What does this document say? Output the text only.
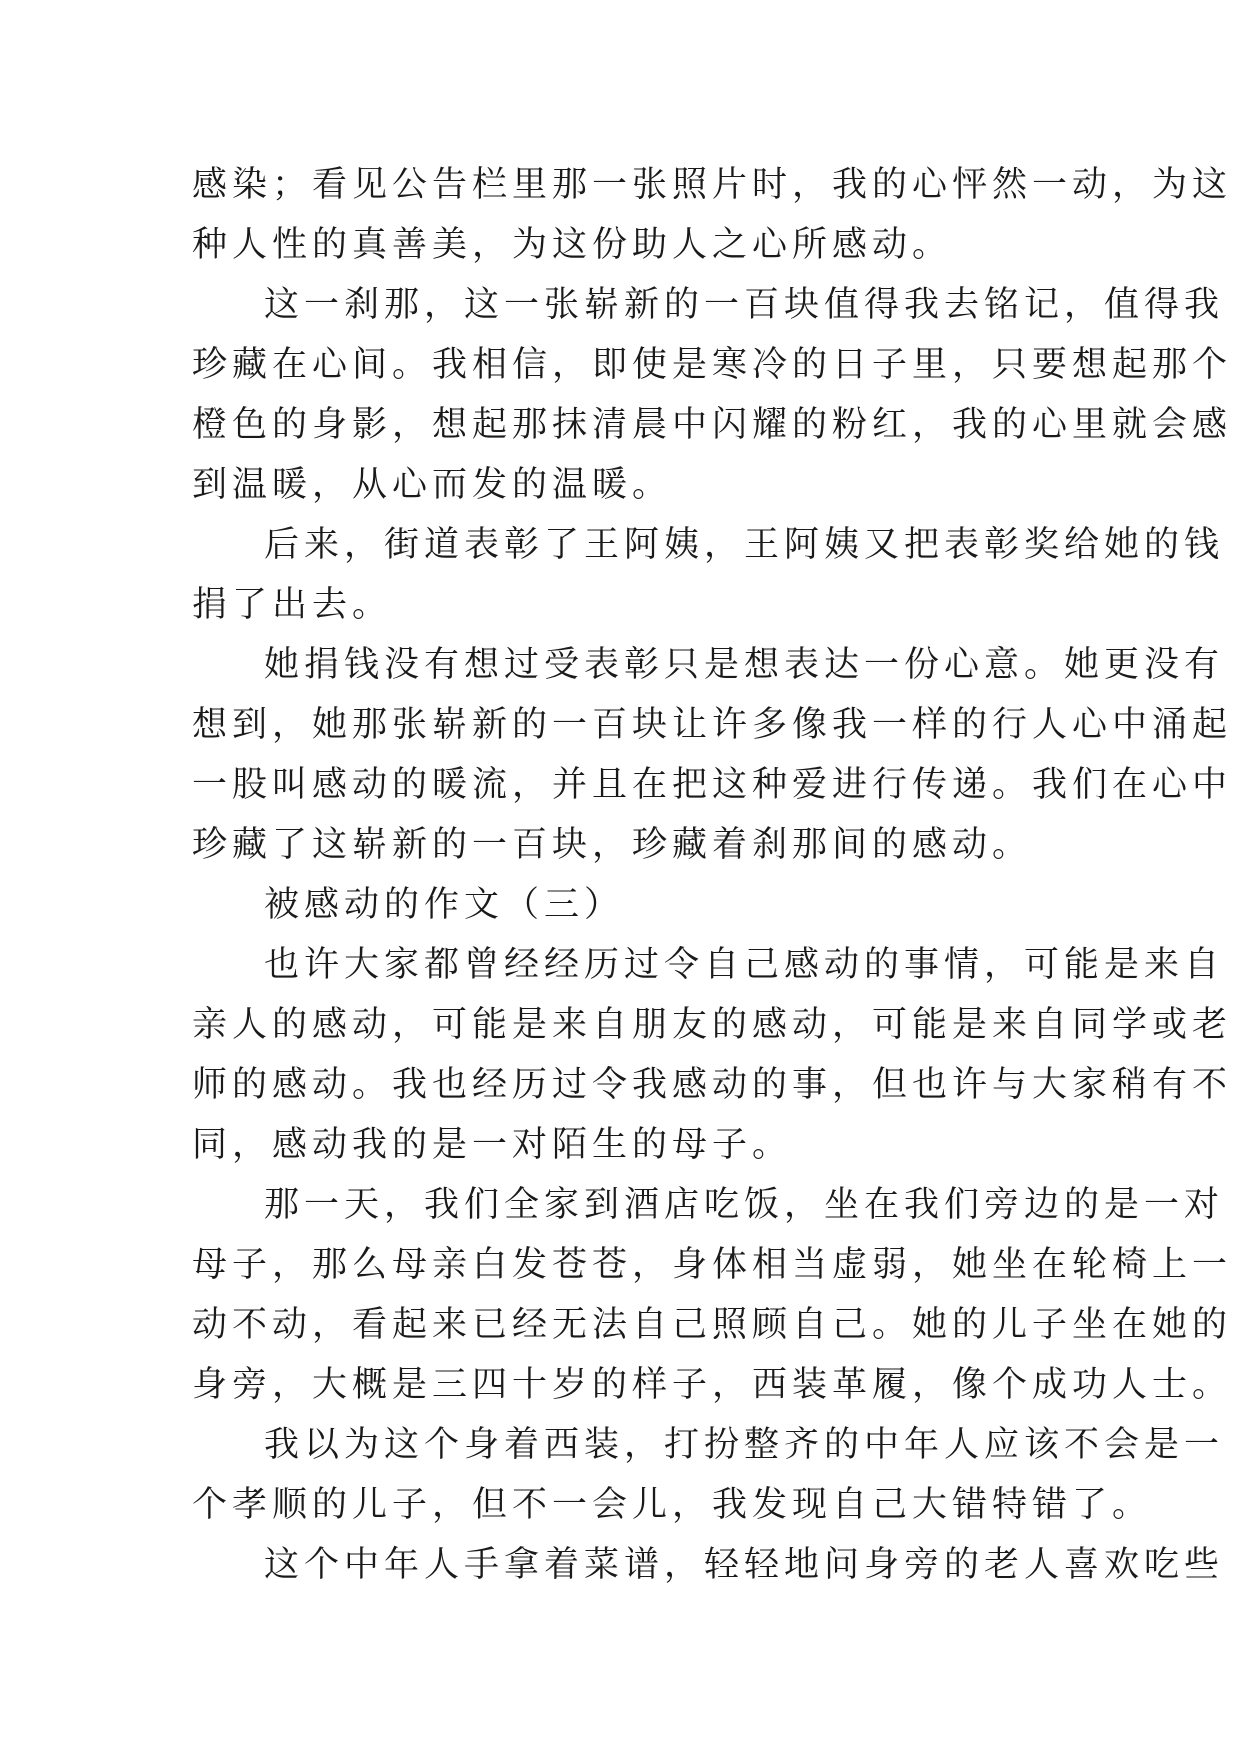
感染；看见公告栏里那一张照片时，我的心怦然一动，为这
种人性的真善美，为这份助人之心所感动。
这一刹那，这一张崭新的一百块值得我去铭记，值得我
珍藏在心间。我相信，即使是寒冷的日子里，只要想起那个
橙色的身影，想起那抹清晨中闪耀的粉红，我的心里就会感
到温暖，从心而发的温暖。
后来，街道表彰了王阿姨，王阿姨又把表彰奖给她的钱
捐了出去。
她捐钱没有想过受表彰只是想表达一份心意。她更没有
想到，她那张崭新的一百块让许多像我一样的行人心中涌起
一股叫感动的暖流，并且在把这种爱进行传递。我们在心中
珍藏了这崭新的一百块，珍藏着刹那间的感动。
被感动的作文（三）
也许大家都曾经经历过令自己感动的事情，可能是来自
亲人的感动，可能是来自朋友的感动，可能是来自同学或老
师的感动。我也经历过令我感动的事，但也许与大家稍有不
同，感动我的是一对陌生的母子。
那一天，我们全家到酒店吃饭，坐在我们旁边的是一对
母子，那么母亲白发苍苍，身体相当虚弱，她坐在轮椅上一
动不动，看起来已经无法自己照顾自己。她的儿子坐在她的
身旁，大概是三四十岁的样子，西装革履，像个成功人士。
我以为这个身着西装，打扮整齐的中年人应该不会是一
个孝顺的儿子，但不一会儿，我发现自己大错特错了。
这个中年人手拿着菜谱，轻轻地问身旁的老人喜欢吃些
